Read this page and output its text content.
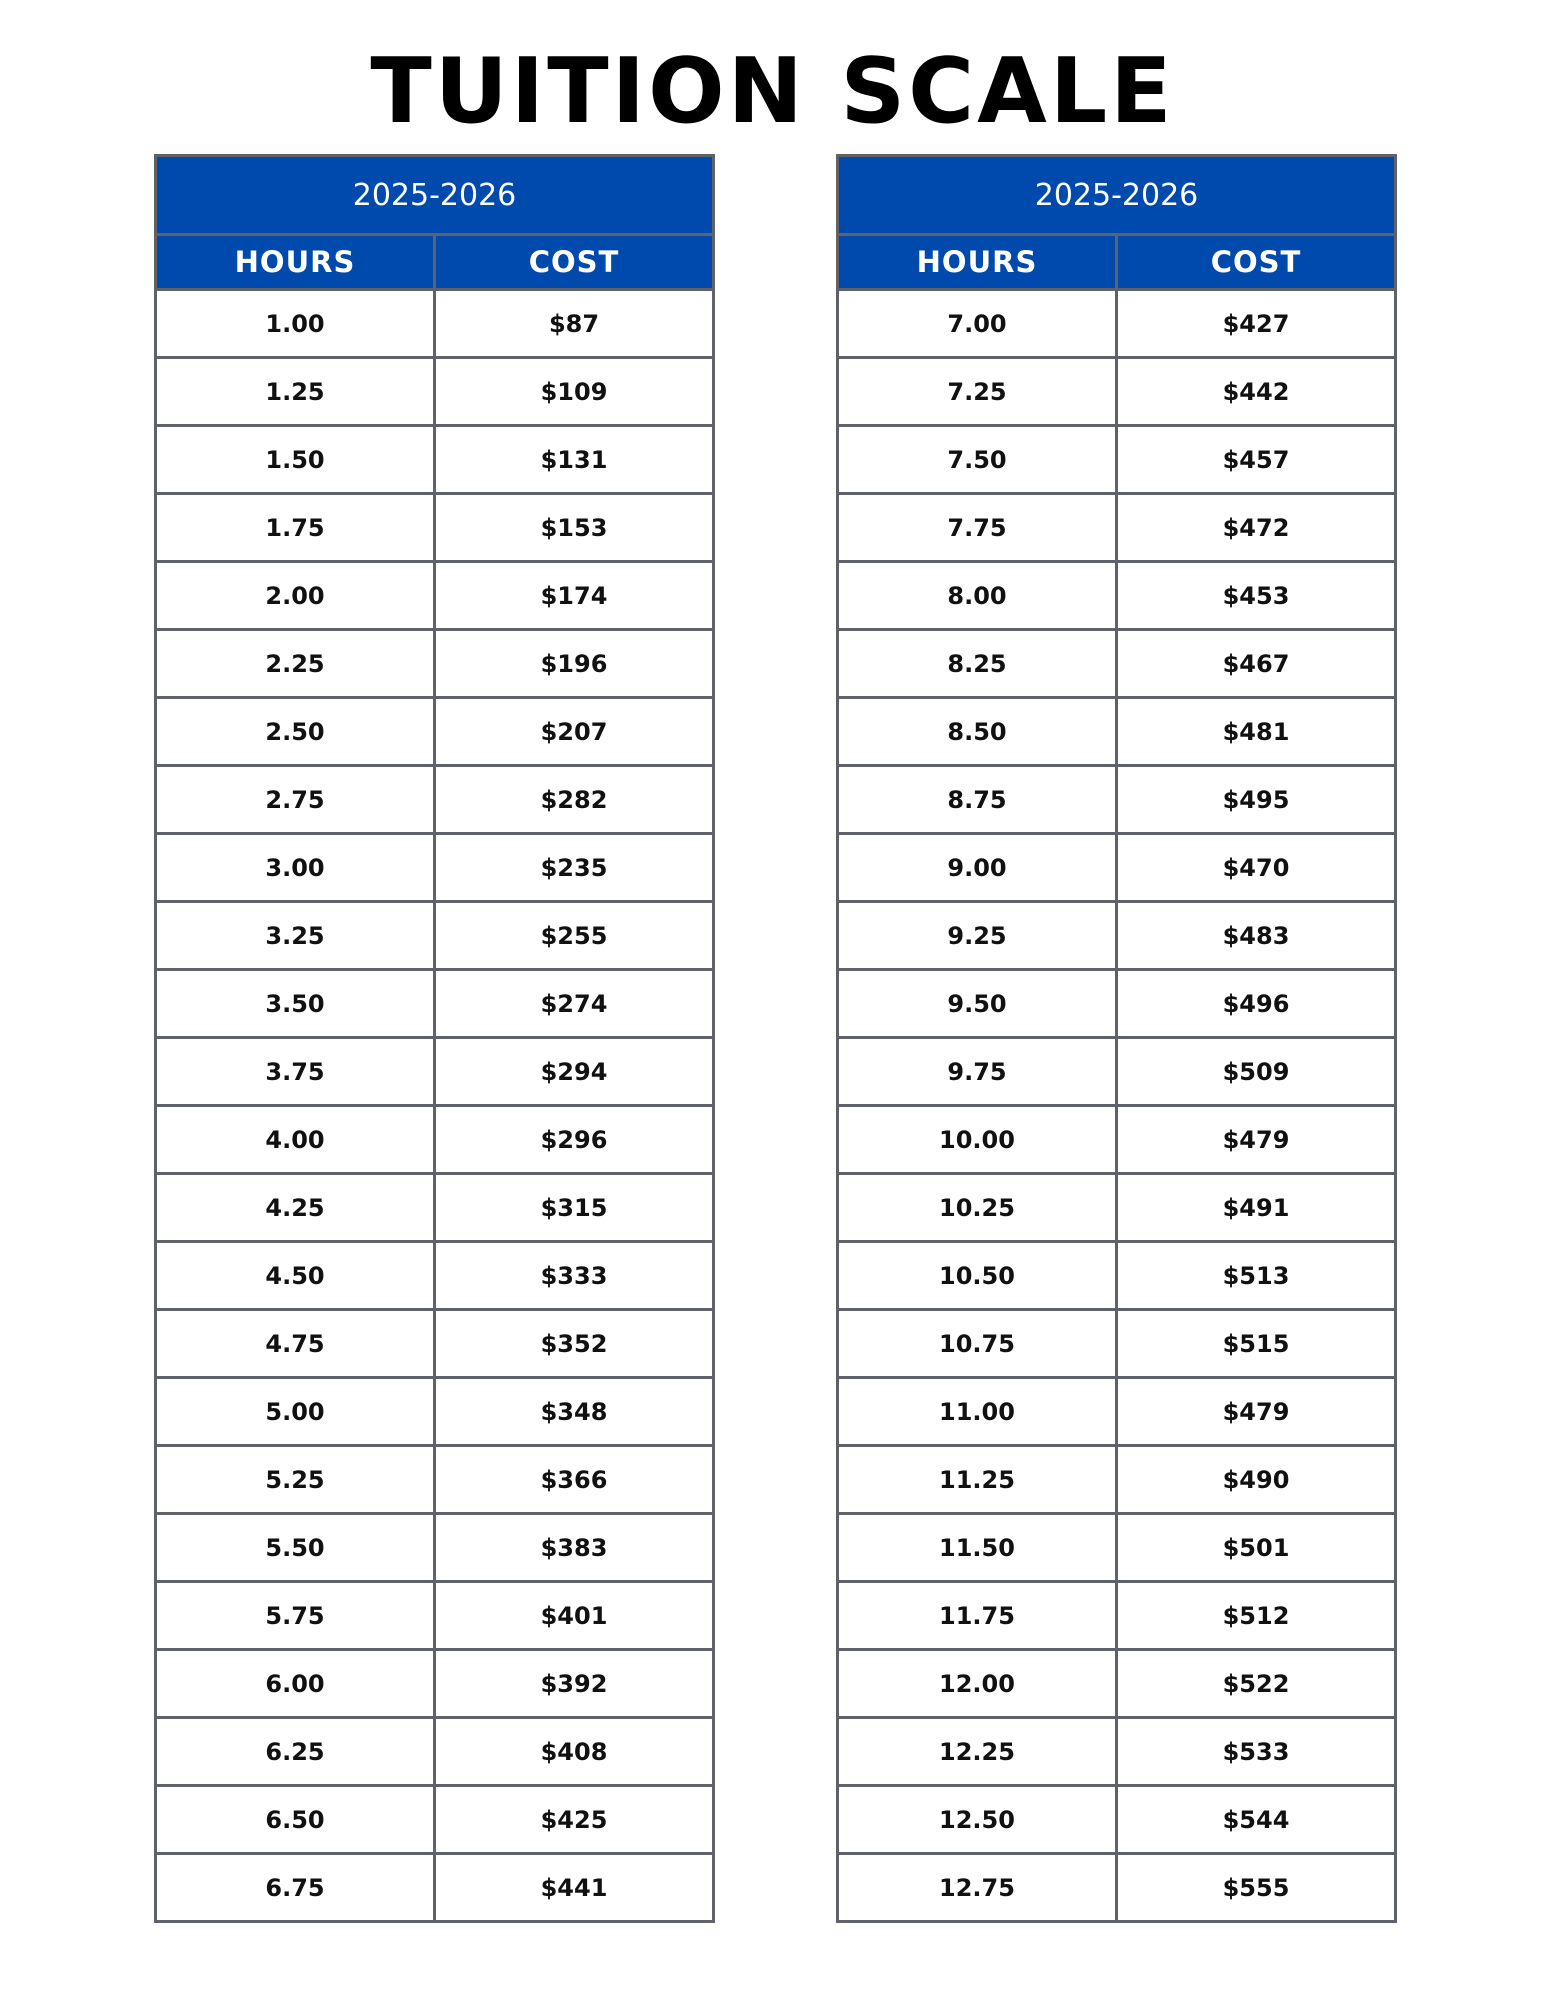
TUITION SCALE
2025-2026	
HOURS	COST
1.00	$87
1.25	$109
1.50	$131
1.75	$153
2.00	$174
2.25	$196
2.50	$207
2.75	$282
3.00	$235
3.25	$255
3.50	$274
3.75	$294
4.00	$296
4.25	$315
4.50	$333
4.75	$352
5.00	$348
5.25	$366
5.50	$383
5.75	$401
6.00	$392
6.25	$408
6.50	$425
6.75	$441
2025-2026	
HOURS	COST
7.00	$427
7.25	$442
7.50	$457
7.75	$472
8.00	$453
8.25	$467
8.50	$481
8.75	$495
9.00	$470
9.25	$483
9.50	$496
9.75	$509
10.00	$479
10.25	$491
10.50	$513
10.75	$515
11.00	$479
11.25	$490
11.50	$501
11.75	$512
12.00	$522
12.25	$533
12.50	$544
12.75	$555
